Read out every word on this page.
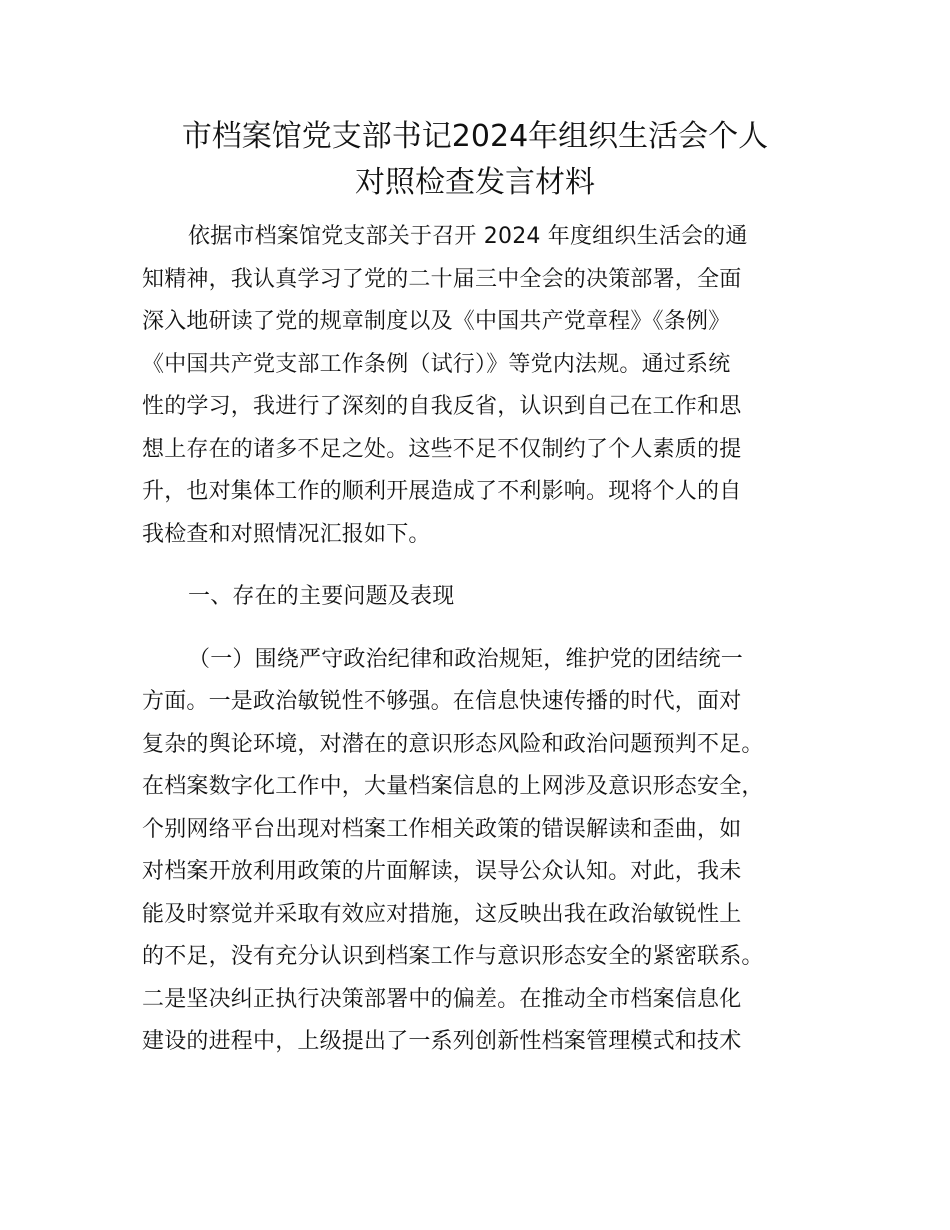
市档案馆党支部书记2024年组织生活会个人
对照检查发言材料
依据市档案馆党支部关于召开 2024 年度组织生活会的通
知精神，我认真学习了党的二十届三中全会的决策部署，全面
深入地研读了党的规章制度以及《中国共产党章程》《条例》
《中国共产党支部工作条例（试行）》等党内法规。通过系统
性的学习，我进行了深刻的自我反省，认识到自己在工作和思
想上存在的诸多不足之处。这些不足不仅制约了个人素质的提
升，也对集体工作的顺利开展造成了不利影响。现将个人的自
我检查和对照情况汇报如下。
一、存在的主要问题及表现
（一）围绕严守政治纪律和政治规矩，维护党的团结统一
方面。一是政治敏锐性不够强。在信息快速传播的时代，面对
复杂的舆论环境，对潜在的意识形态风险和政治问题预判不足。
在档案数字化工作中，大量档案信息的上网涉及意识形态安全，
个别网络平台出现对档案工作相关政策的错误解读和歪曲，如
对档案开放利用政策的片面解读，误导公众认知。对此，我未
能及时察觉并采取有效应对措施，这反映出我在政治敏锐性上
的不足，没有充分认识到档案工作与意识形态安全的紧密联系。
二是坚决纠正执行决策部署中的偏差。在推动全市档案信息化
建设的进程中，上级提出了一系列创新性档案管理模式和技术
